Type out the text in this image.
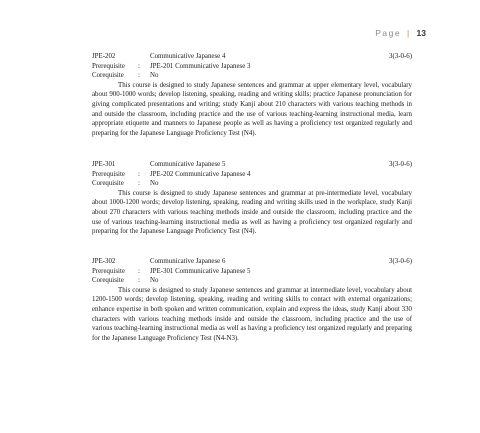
Page | 13
JPE-202	Communicative Japanese 4	3(3-0-6)
Prerequisite : JPE-201 Communicative Japanese 3
Corequisite : No

This course is designed to study Japanese sentences and grammar at upper elementary level, vocabulary about 900-1000 words; develop listening, speaking, reading and writing skills; practice Japanese pronunciation for giving complicated presentations and writing; study Kanji about 210 characters with various teaching methods in and outside the classroom, including practice and the use of various teaching-learning instructional media, learn appropriate etiquette and manners to Japanese people as well as having a proficiency test organized regularly and preparing for the Japanese Language Proficiency Test (N4).

JPE-301	Communicative Japanese 5	3(3-0-6)
Prerequisite : JPE-202 Communicative Japanese 4
Corequisite : No

This course is designed to study Japanese sentences and grammar at pre-intermediate level, vocabulary about 1000-1200 words; develop listening, speaking, reading and writing skills used in the workplace, study Kanji about 270 characters with various teaching methods inside and outside the classroom, including practice and the use of various teaching-learning instructional media as well as having a proficiency test organized regularly and preparing for the Japanese Language Proficiency Test (N4).

JPE-302	Communicative Japanese 6	3(3-0-6)
Prerequisite : JPE-301 Communicative Japanese 5
Corequisite : No

This course is designed to study Japanese sentences and grammar at intermediate level, vocabulary about 1200-1500 words; develop listening, speaking, reading and writing skills to contact with external organizations; enhance expertise in both spoken and written communication, explain and express the ideas, study Kanji about 330 characters with various teaching methods inside and outside the classroom, including practice and the use of various teaching-learning instructional media as well as having a proficiency test organized regularly and preparing for the Japanese Language Proficiency Test (N4-N3).
